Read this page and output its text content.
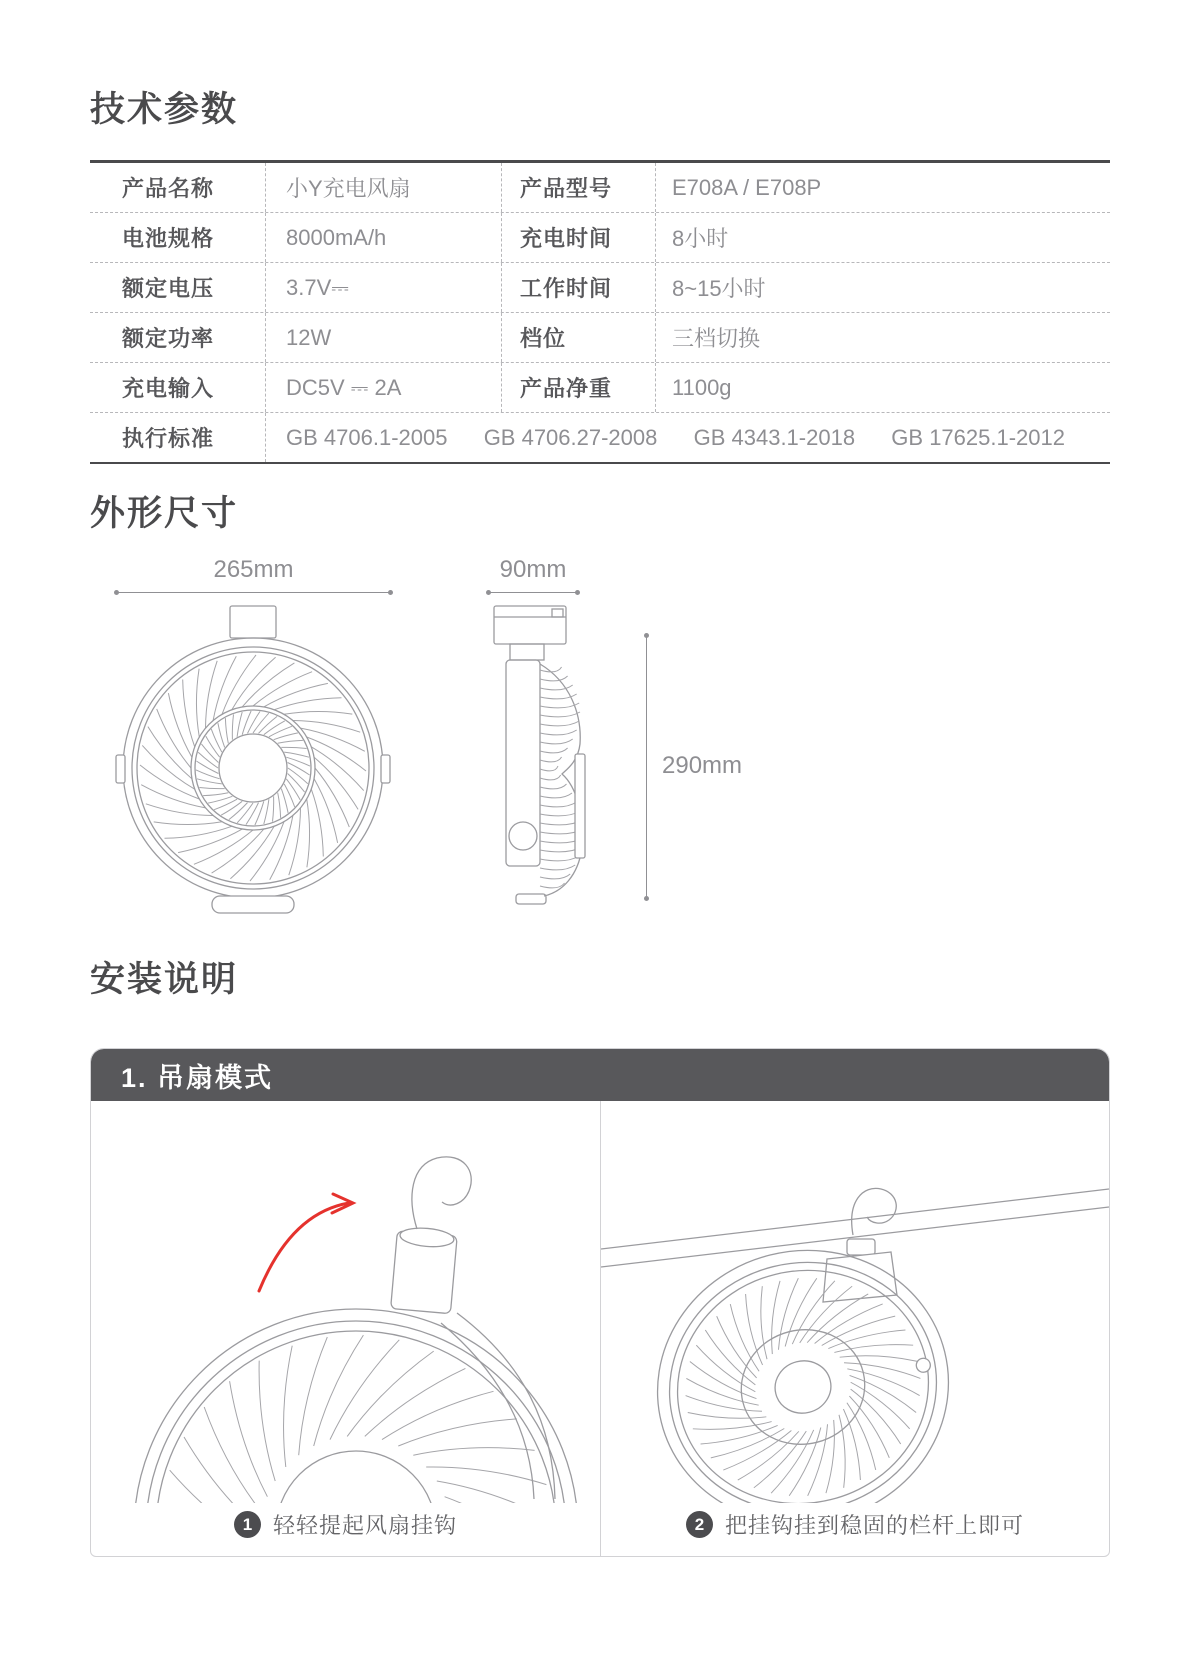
技术参数
产品名称	小Y充电风扇	产品型号	E708A / E708P
电池规格	8000mA/h	充电时间	8小时
额定电压	3.7V⎓	工作时间	8~15小时
额定功率	12W	档位	三档切换
充电输入	DC5V ⎓ 2A	产品净重	1100g
执行标准	GB 4706.1-2005 GB 4706.27-2008 GB 4343.1-2018 GB 17625.1-2012
外形尺寸
265mm	90mm
290mm
安装说明
1. 吊扇模式
1 轻轻提起风扇挂钩	2 把挂钩挂到稳固的栏杆上即可
